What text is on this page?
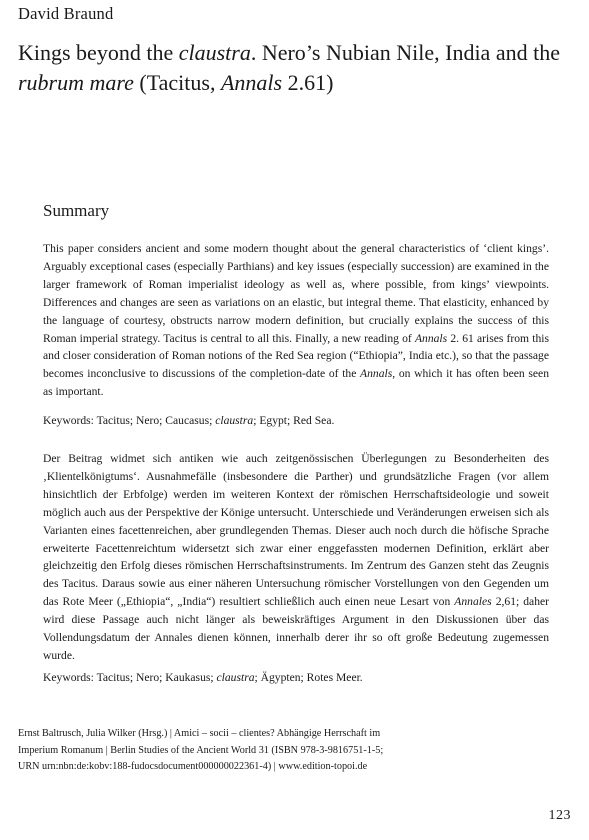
David Braund
Kings beyond the claustra. Nero’s Nubian Nile, India and the rubrum mare (Tacitus, Annals 2.61)
Summary

This paper considers ancient and some modern thought about the general characteristics of ‘client kings’. Arguably exceptional cases (especially Parthians) and key issues (especially succession) are examined in the larger framework of Roman imperialist ideology as well as, where possible, from kings’ viewpoints. Differences and changes are seen as variations on an elastic, but integral theme. That elasticity, enhanced by the language of courtesy, obstructs narrow modern definition, but crucially explains the success of this Roman imperial strategy. Tacitus is central to all this. Finally, a new reading of Annals 2. 61 arises from this and closer consideration of Roman notions of the Red Sea region (“Ethiopia”, India etc.), so that the passage becomes inconclusive to discussions of the completion-date of the Annals, on which it has often been seen as important.

Keywords: Tacitus; Nero; Caucasus; claustra; Egypt; Red Sea.

Der Beitrag widmet sich antiken wie auch zeitgenössischen Überlegungen zu Besonderheiten des ‚Klientelkönigtums‘. Ausnahmefälle (insbesondere die Parther) und grundsätzliche Fragen (vor allem hinsichtlich der Erbfolge) werden im weiteren Kontext der römischen Herrschaftsideologie und soweit möglich auch aus der Perspektive der Könige untersucht. Unterschiede und Veränderungen erweisen sich als Varianten eines facettenreichen, aber grundlegenden Themas. Dieser auch noch durch die höfische Sprache erweiterte Facettenreichtum widersetzt sich zwar einer enggefassten modernen Definition, erklärt aber gleichzeitig den Erfolg dieses römischen Herrschaftsinstruments. Im Zentrum des Ganzen steht das Zeugnis des Tacitus. Daraus sowie aus einer näheren Untersuchung römischer Vorstellungen von den Gegenden um das Rote Meer („Ethiopia“, „India“) resultiert schließlich auch einen neue Lesart von Annales 2,61; daher wird diese Passage auch nicht länger als beweiskräftiges Argument in den Diskussionen über das Vollendungsdatum der Annales dienen können, innerhalb derer ihr so oft große Bedeutung zugemessen wurde.

Keywords: Tacitus; Nero; Kaukasus; claustra; Ägypten; Rotes Meer.

Ernst Baltrusch, Julia Wilker (Hrsg.) | Amici – socii – clientes? Abhängige Herrschaft im
Imperium Romanum | Berlin Studies of the Ancient World 31 (ISBN 978-3-9816751-1-5;
URN urn:nbn:de:kobv:188-fudocsdocument000000022361-4) | www.edition-topoi.de
123
